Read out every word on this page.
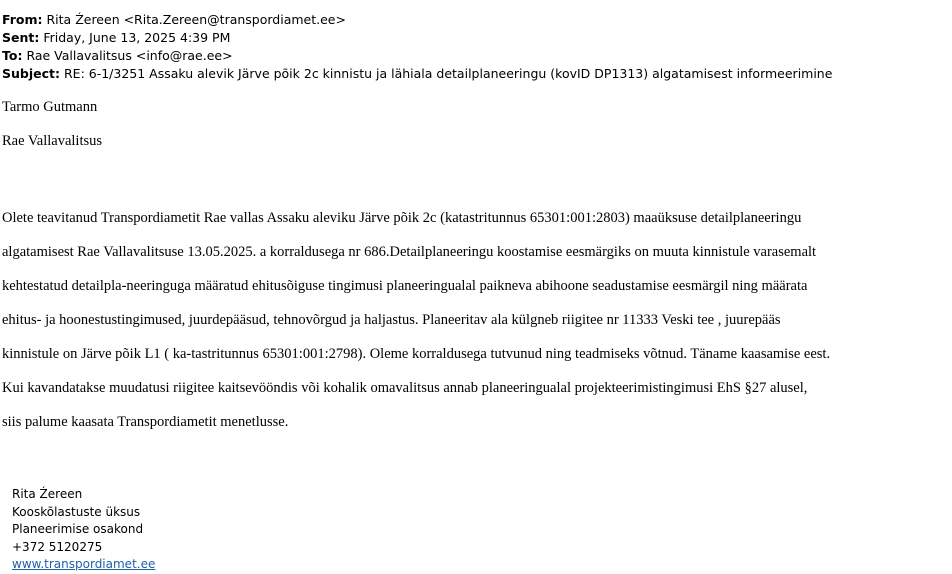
From: Rita Źereen <Rita.Zereen@transpordiamet.ee>
Sent: Friday, June 13, 2025 4:39 PM
To: Rae Vallavalitsus <info@rae.ee>
Subject: RE: 6-1/3251 Assaku alevik Järve põik 2c kinnistu ja lähiala detailplaneeringu (kovID DP1313) algatamisest informeerimine
Tarmo Gutmann
Rae Vallavalitsus
Olete teavitanud Transpordiametit Rae vallas Assaku aleviku Järve põik 2c (katastritunnus 65301:001:2803) maaüksuse detailplaneeringu
algatamisest Rae Vallavalitsuse 13.05.2025. a korraldusega nr 686.Detailplaneeringu koostamise eesmärgiks on muuta kinnistule varasemalt
kehtestatud detailpla-neeringuga määratud ehitusõiguse tingimusi planeeringualal paikneva abihoone seadustamise eesmärgil ning määrata
ehitus- ja hoonestustingimused, juurdepääsud, tehnovõrgud ja haljastus. Planeeritav ala külgneb riigitee nr 11333 Veski tee , juurepääs
kinnistule on Järve põik L1 ( ka-tastritunnus 65301:001:2798). Oleme korraldusega tutvunud ning teadmiseks võtnud. Täname kaasamise eest.
Kui kavandatakse muudatusi riigitee kaitsevööndis või kohalik omavalitsus annab planeeringualal projekteerimistingimusi EhS §27 alusel,
siis palume kaasata Transpordiametit menetlusse.
Rita Źereen
Kooskõlastuste üksus
Planeerimise osakond
+372 5120275
www.transpordiamet.ee
